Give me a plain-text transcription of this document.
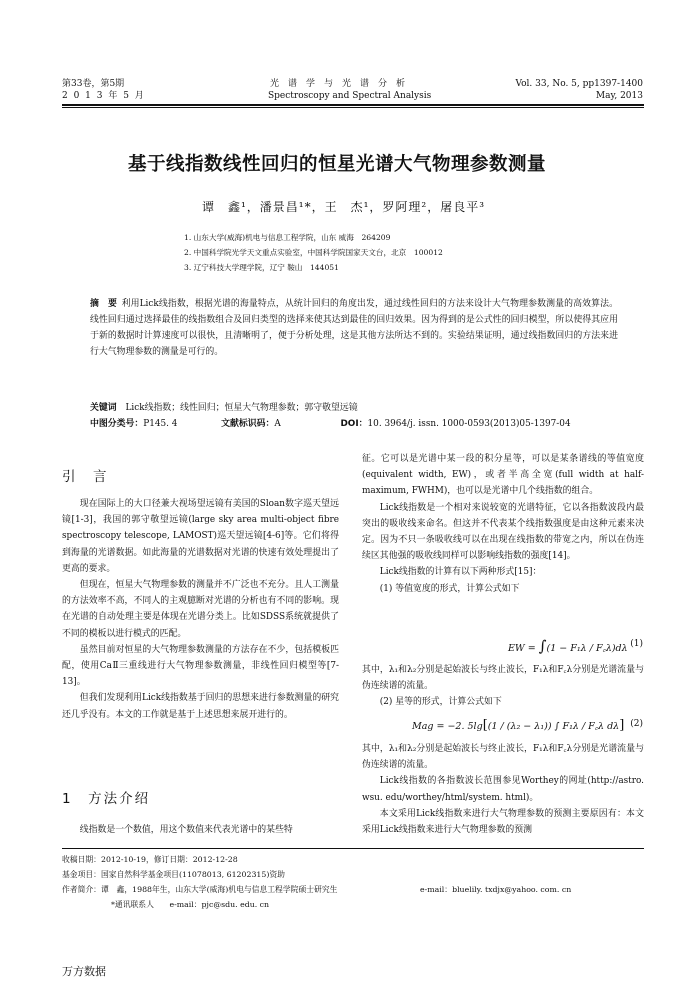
第33卷，第5期
2 0 1 3 年 5 月
光　谱　学　与　光　谱　分　析
Spectroscopy and Spectral Analysis
Vol. 33, No. 5, pp1397-1400
May, 2013
基于线指数线性回归的恒星光谱大气物理参数测量
谭　鑫¹，潘景昌¹*，王　杰¹，罗阿理²，屠良平³
1. 山东大学(威海)机电与信息工程学院，山东 威海　264209
2. 中国科学院光学天文重点实验室，中国科学院国家天文台，北京　100012
3. 辽宁科技大学理学院，辽宁 鞍山　144051
摘　要  利用Lick线指数，根据光谱的海量特点，从统计回归的角度出发，通过线性回归的方法来设计大气物理参数测量的高效算法。线性回归通过选择最佳的线指数组合及回归类型的选择来使其达到最佳的回归效果。因为得到的是公式性的回归模型，所以使得其应用于新的数据时计算速度可以很快，且清晰明了，便于分析处理，这是其他方法所达不到的。实验结果证明，通过线指数回归的方法来进行大气物理参数的测量是可行的。
关键词   Lick线指数；线性回归；恒星大气物理参数；郭守敬望远镜
中图分类号：P145. 4	文献标识码：A	DOI：10. 3964/j. issn. 1000-0593(2013)05-1397-04
引　言

现在国际上的大口径兼大视场望远镜有美国的Sloan数字巡天望远镜[1-3]，我国的郭守敬望远镜(large sky area multi-object fibre spectroscopy telescope, LAMOST)巡天望远镜[4-6]等。它们将得到海量的光谱数据。如此海量的光谱数据对光谱的快速有效处理提出了更高的要求。

但现在，恒星大气物理参数的测量并不广泛也不充分。且人工测量的方法效率不高，不同人的主观臆断对光谱的分析也有不同的影响。现在光谱的自动处理主要是体现在光谱分类上。比如SDSS系统就提供了不同的模板以进行模式的匹配。

虽然目前对恒星的大气物理参数测量的方法存在不少，包括模板匹配，使用CaⅡ三重线进行大气物理参数测量，非线性回归模型等[7-13]。

但我们发现利用Lick线指数基于回归的思想来进行参数测量的研究还几乎没有。本文的工作就是基于上述思想来展开进行的。

1　方法介绍

线指数是一个数值，用这个数值来代表光谱中的某些特

征。它可以是光谱中某一段的积分星等，可以是某条谱线的等值宽度(equivalent width, EW)，或者半高全宽(full width at half-maximum, FWHM)，也可以是光谱中几个线指数的组合。

Lick线指数是一个相对来说较宽的光谱特征，它以各指数波段内最突出的吸收线来命名。但这并不代表某个线指数强度是由这种元素来决定。因为不只一条吸收线可以在出现在线指数的带宽之内，所以在伪连续区其他强的吸收线同样可以影响线指数的强度[14]。

Lick线指数的计算有以下两种形式[15]：

(1) 等值宽度的形式，计算公式如下

EW = ∫(1 − F₁λ / F꜀λ)dλ (1)

其中，λ₁和λ₂分别是起始波长与终止波长，F₁λ和F꜀λ分别是光谱流量与伪连续谱的流量。

(2) 星等的形式，计算公式如下

Mag = −2. 5lg[(1 / (λ₂ − λ₁)) ∫ F₁λ / F꜀λ dλ] (2)

其中，λ₁和λ₂分别是起始波长与终止波长，F₁λ和F꜀λ分别是光谱流量与伪连续谱的流量。

Lick线指数的各指数波长范围参见Worthey的网址(http://astro. wsu. edu/worthey/html/system. html)。

本文采用Lick线指数来进行大气物理参数的预测主要原因有：本文采用Lick线指数来进行大气物理参数的预测

收稿日期：2012-10-19，修订日期：2012-12-28
基金项目：国家自然科学基金项目(11078013, 61202315)资助
作者简介：谭　鑫，1988年生，山东大学(威海)机电与信息工程学院硕士研究生	e-mail：bluelily. txdjx@yahoo. com. cn
*通讯联系人　　e-mail：pjc@sdu. edu. cn
万方数据
